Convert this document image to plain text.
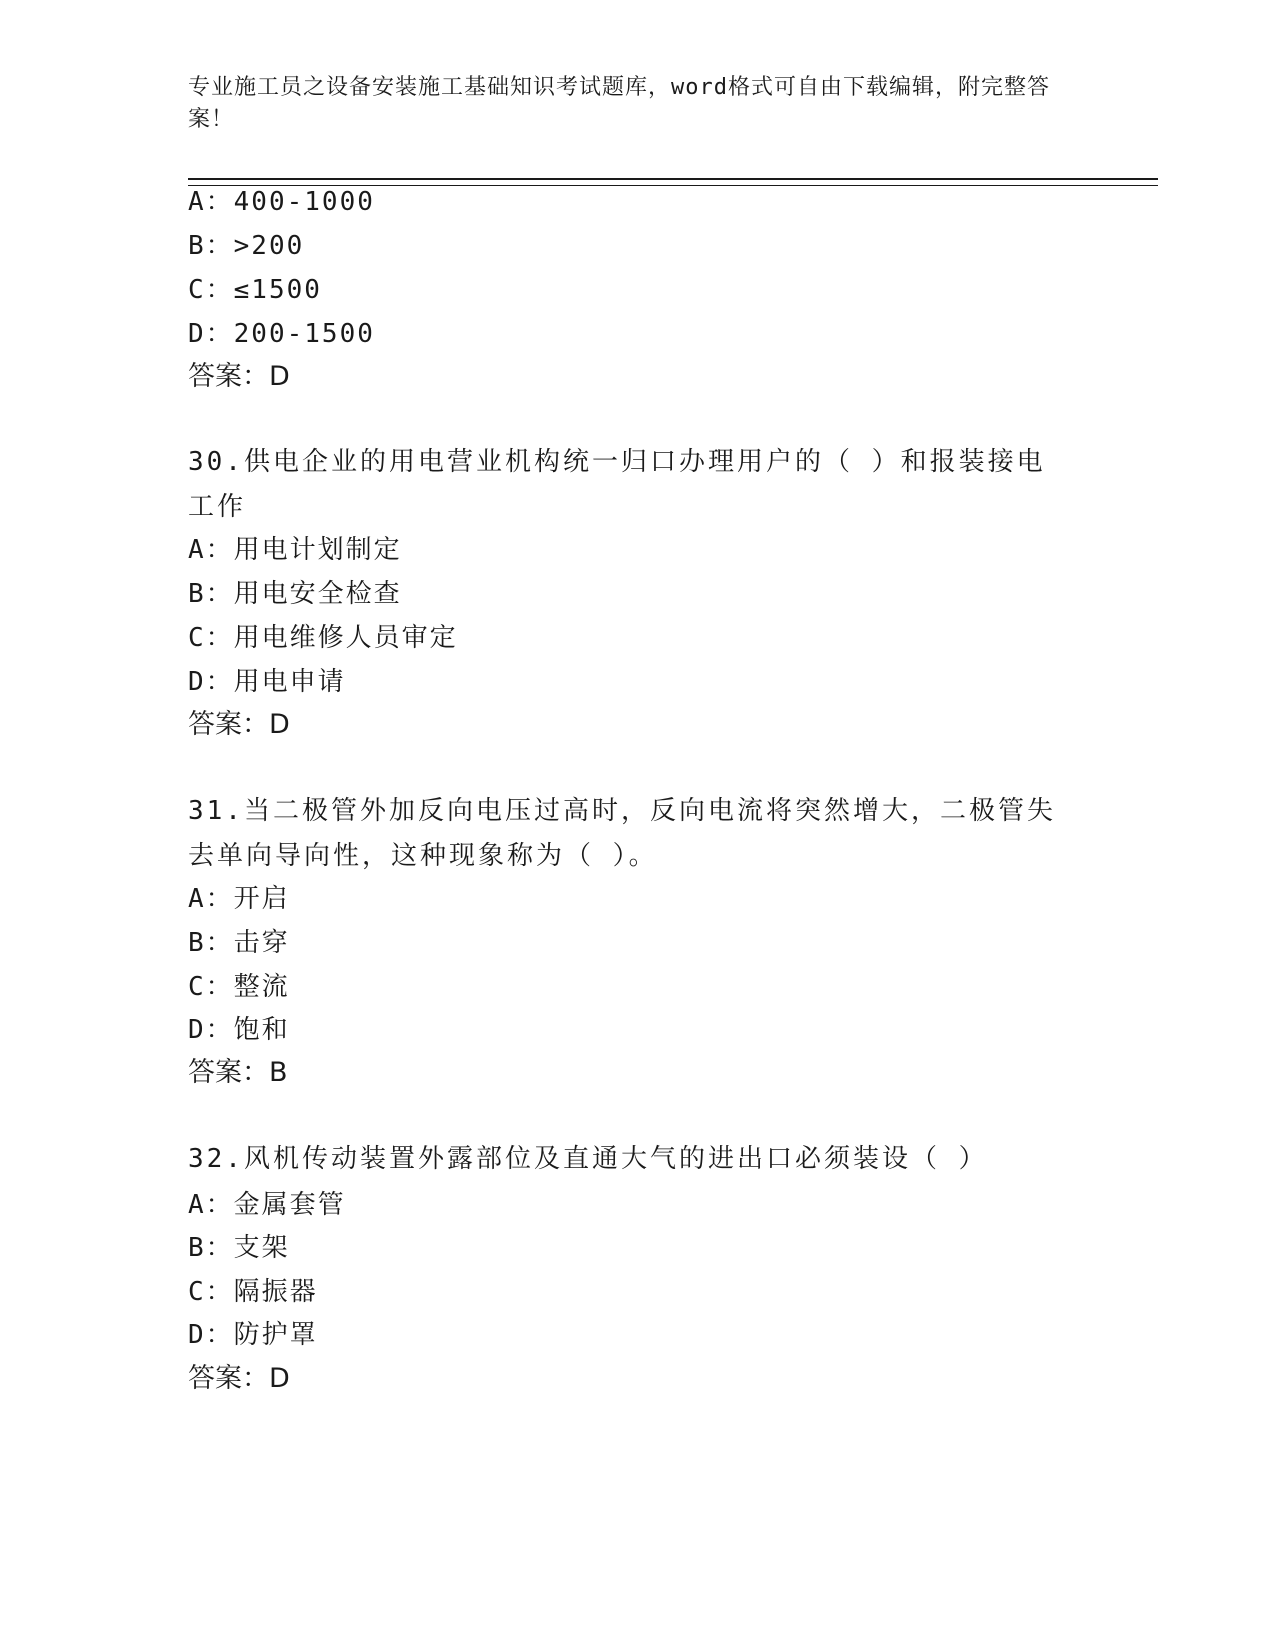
专业施工员之设备安装施工基础知识考试题库，word格式可自由下载编辑，附完整答案！
A：400-1000
B：>200
C：≤1500
D：200-1500
答案：D
30.供电企业的用电营业机构统一归口办理用户的（ ）和报装接电工作
A：用电计划制定
B：用电安全检查
C：用电维修人员审定
D：用电申请
答案：D
31.当二极管外加反向电压过高时，反向电流将突然增大，二极管失去单向导向性，这种现象称为（ ）。
A：开启
B：击穿
C：整流
D：饱和
答案：B
32.风机传动装置外露部位及直通大气的进出口必须装设（ ）
A：金属套管
B：支架
C：隔振器
D：防护罩
答案：D
